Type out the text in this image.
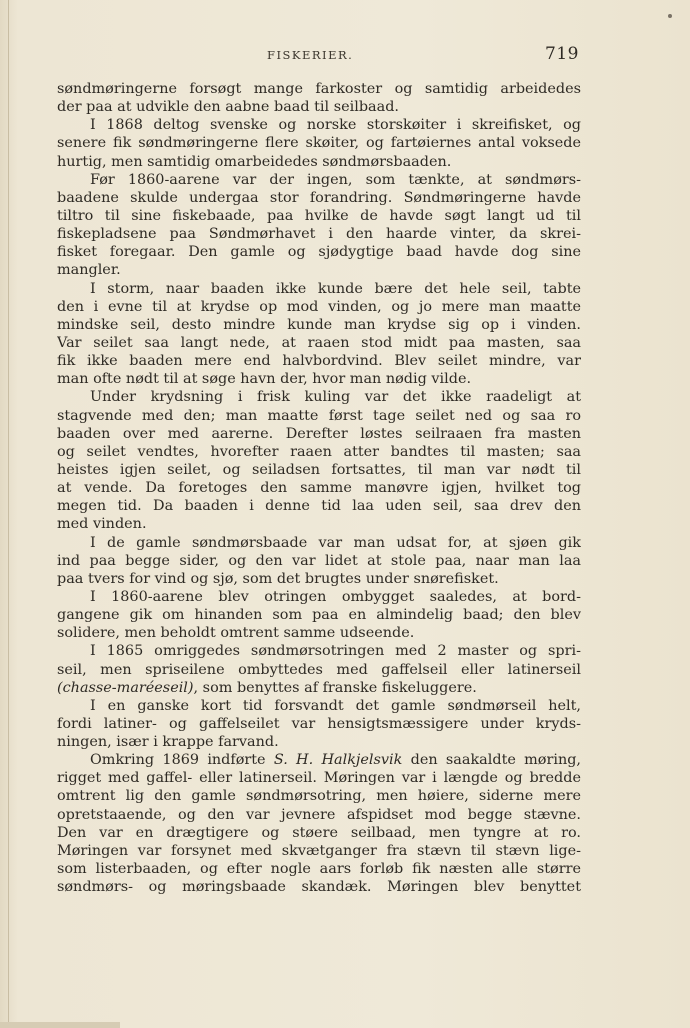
FISKERIER.	719
søndmøringerne forsøgt mange farkoster og samtidig arbeidedes
der paa at udvikle den aabne baad til seilbaad.
I 1868 deltog svenske og norske storskøiter i skreifisket, og
senere fik søndmøringerne flere skøiter, og fartøiernes antal voksede
hurtig, men samtidig omarbeidedes søndmørsbaaden.
Før 1860-aarene var der ingen, som tænkte, at søndmørs-
baadene skulde undergaa stor forandring. Søndmøringerne havde
tiltro til sine fiskebaade, paa hvilke de havde søgt langt ud til
fiskepladsene paa Søndmørhavet i den haarde vinter, da skrei-
fisket foregaar. Den gamle og sjødygtige baad havde dog sine
mangler.
I storm, naar baaden ikke kunde bære det hele seil, tabte
den i evne til at krydse op mod vinden, og jo mere man maatte
mindske seil, desto mindre kunde man krydse sig op i vinden.
Var seilet saa langt nede, at raaen stod midt paa masten, saa
fik ikke baaden mere end halvbordvind. Blev seilet mindre, var
man ofte nødt til at søge havn der, hvor man nødig vilde.
Under krydsning i frisk kuling var det ikke raadeligt at
stagvende med den; man maatte først tage seilet ned og saa ro
baaden over med aarerne. Derefter løstes seilraaen fra masten
og seilet vendtes, hvorefter raaen atter bandtes til masten; saa
heistes igjen seilet, og seiladsen fortsattes, til man var nødt til
at vende. Da foretoges den samme manøvre igjen, hvilket tog
megen tid. Da baaden i denne tid laa uden seil, saa drev den
med vinden.
I de gamle søndmørsbaade var man udsat for, at sjøen gik
ind paa begge sider, og den var lidet at stole paa, naar man laa
paa tvers for vind og sjø, som det brugtes under snørefisket.
I 1860-aarene blev otringen ombygget saaledes, at bord-
gangene gik om hinanden som paa en almindelig baad; den blev
solidere, men beholdt omtrent samme udseende.
I 1865 omriggedes søndmørsotringen med 2 master og spri-
seil, men spriseilene ombyttedes med gaffelseil eller latinerseil
(chasse-maréeseil), som benyttes af franske fiskeluggere.
I en ganske kort tid forsvandt det gamle søndmørseil helt,
fordi latiner- og gaffelseilet var hensigtsmæssigere under kryds-
ningen, især i krappe farvand.
Omkring 1869 indførte S. H. Halkjelsvik den saakaldte møring,
rigget med gaffel- eller latinerseil. Møringen var i længde og bredde
omtrent lig den gamle søndmørsotring, men høiere, siderne mere
opretstaaende, og den var jevnere afspidset mod begge stævne.
Den var en drægtigere og støere seilbaad, men tyngre at ro.
Møringen var forsynet med skvætganger fra stævn til stævn lige-
som listerbaaden, og efter nogle aars forløb fik næsten alle større
søndmørs- og møringsbaade skandæk. Møringen blev benyttet
